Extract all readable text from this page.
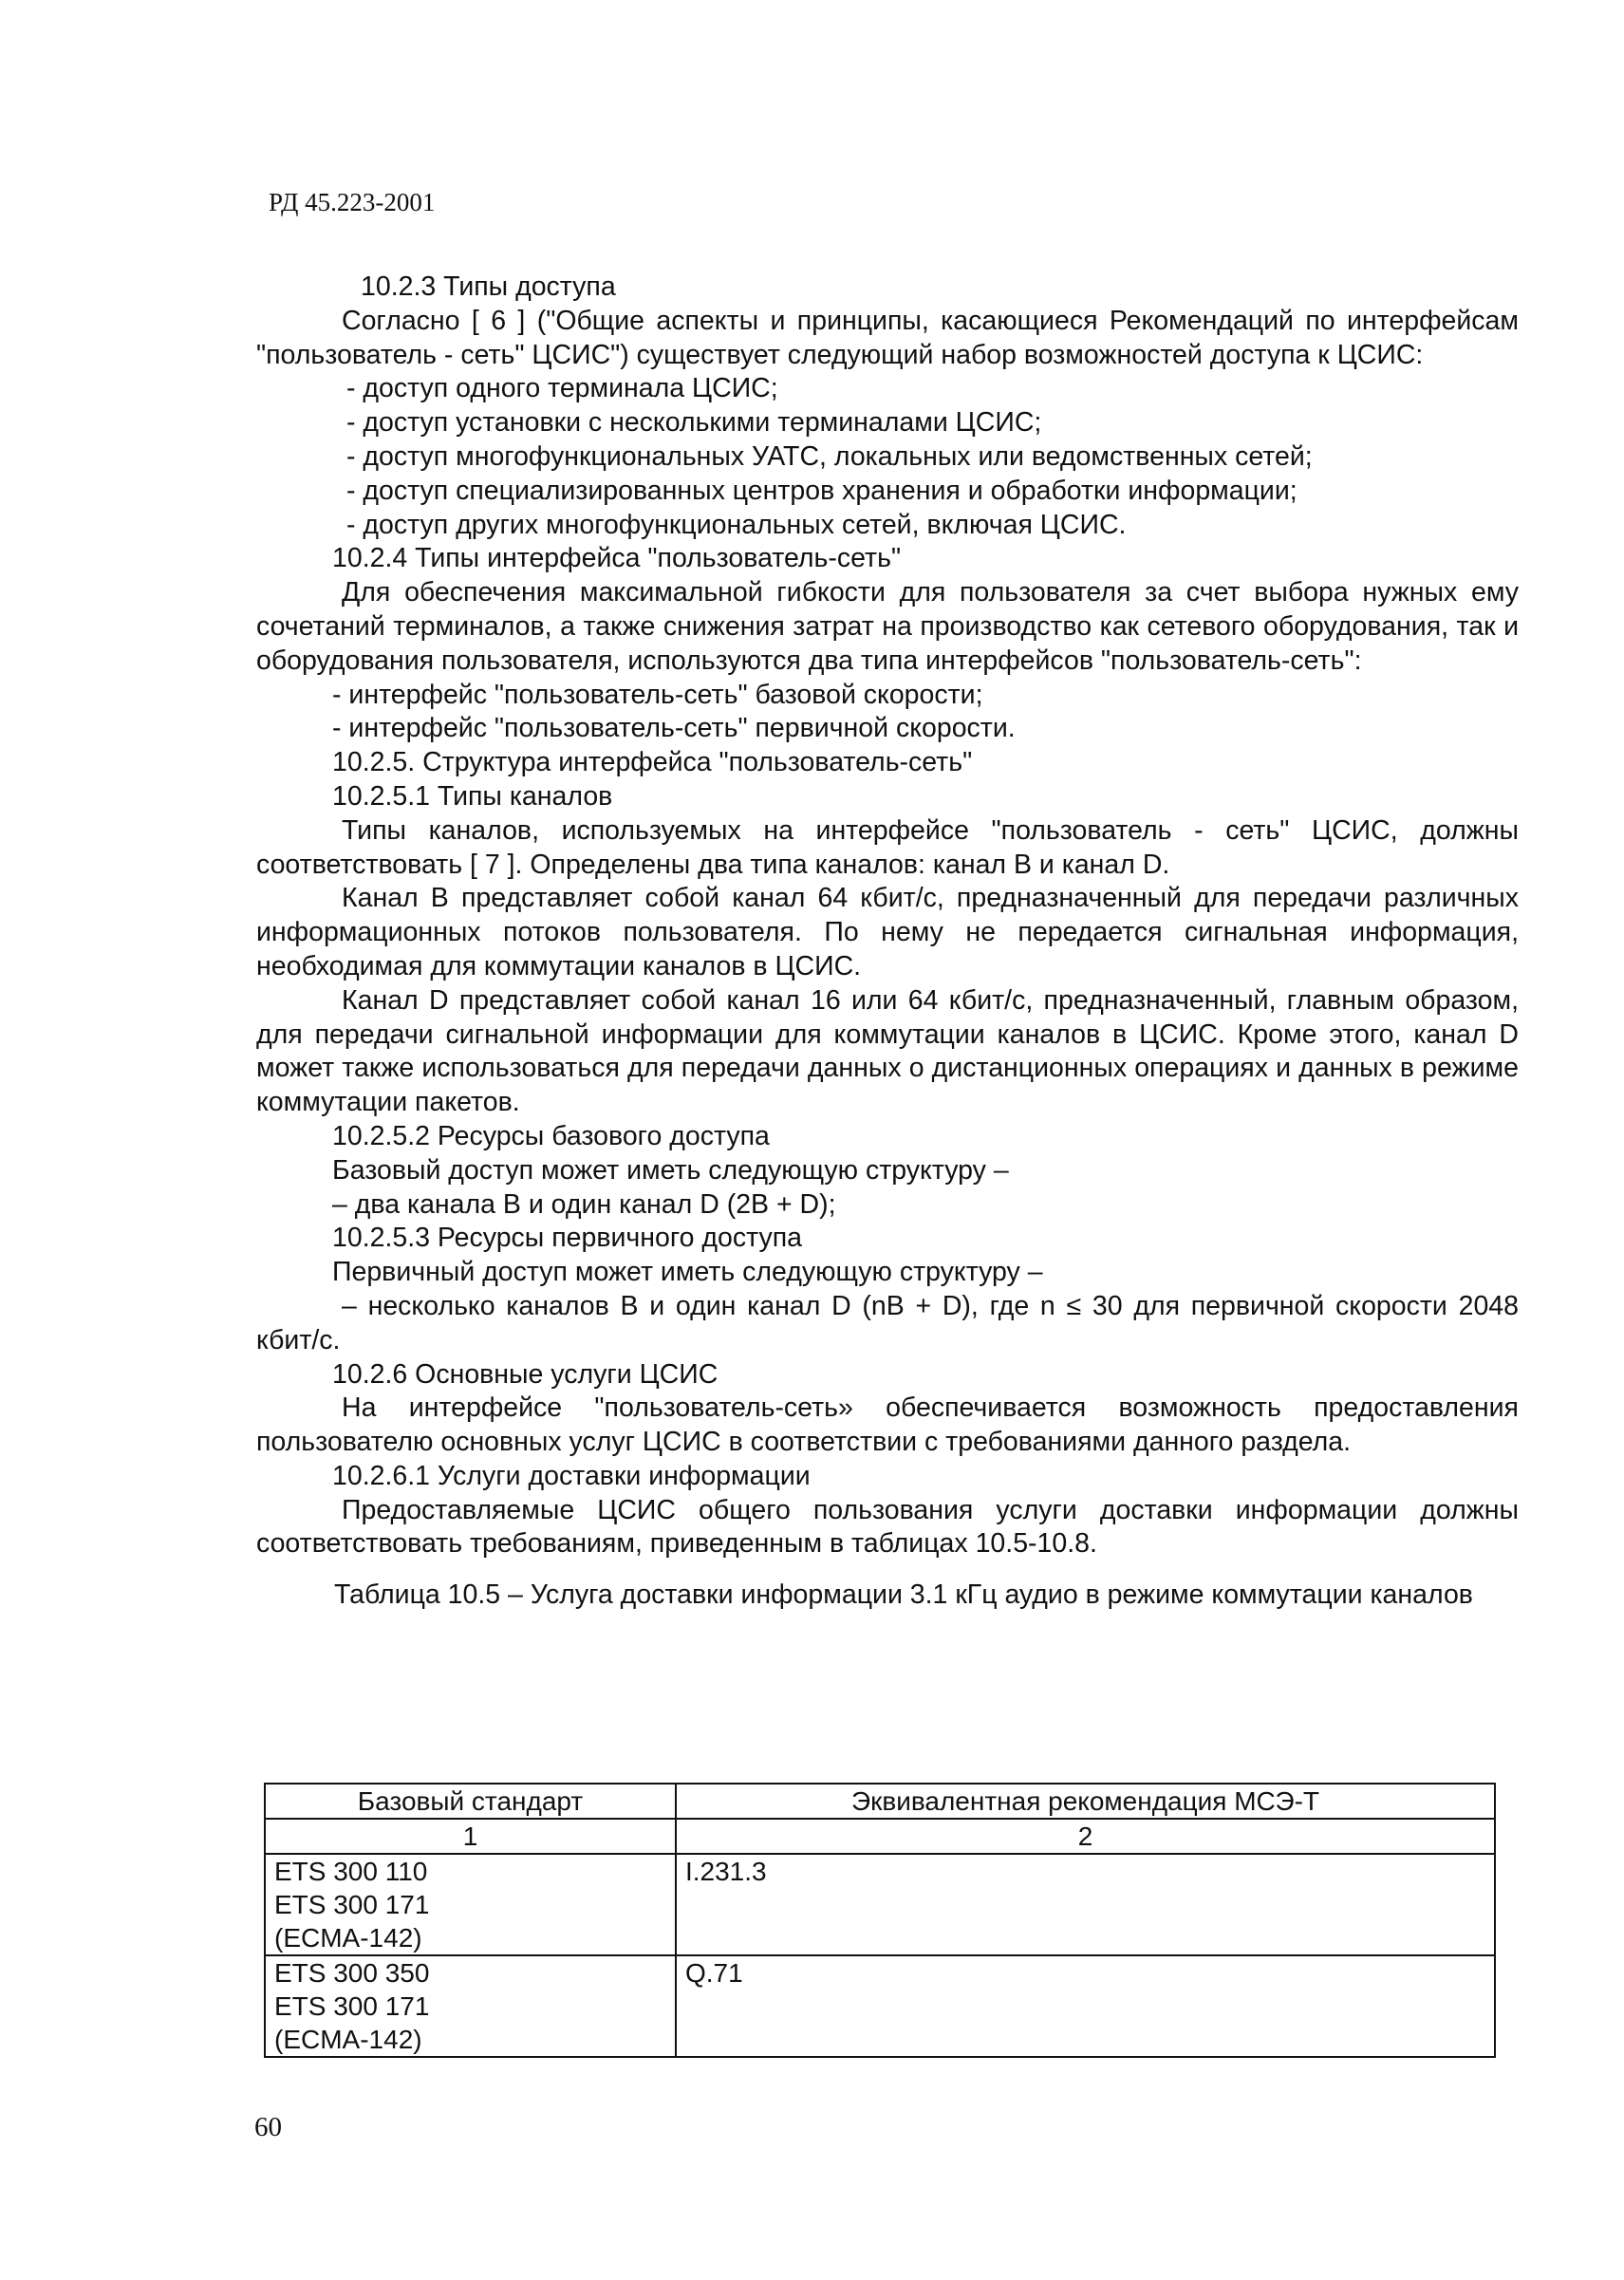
РД 45.223-2001

10.2.3 Типы доступа

Согласно [ 6 ] ("Общие аспекты и принципы, касающиеся Рекомендаций по интерфейсам "пользователь - сеть" ЦСИС") существует следующий набор возможностей доступа к ЦСИС:

- доступ одного терминала ЦСИС;

- доступ установки с несколькими терминалами ЦСИС;

- доступ многофункциональных УАТС, локальных или ведомственных сетей;

- доступ специализированных центров хранения и обработки информации;

- доступ других многофункциональных сетей, включая ЦСИС.

10.2.4 Типы интерфейса "пользователь-сеть"

Для обеспечения максимальной гибкости для пользователя за счет выбора нужных ему сочетаний терминалов, а также снижения затрат на производство как сетевого оборудования, так и оборудования пользователя, используются два типа интерфейсов "пользователь-сеть":

- интерфейс "пользователь-сеть" базовой скорости;

- интерфейс "пользователь-сеть" первичной скорости.

10.2.5. Структура интерфейса "пользователь-сеть"

10.2.5.1 Типы каналов

Типы каналов, используемых на интерфейсе "пользователь - сеть" ЦСИС, должны соответствовать [ 7 ]. Определены два типа каналов: канал В и канал D.

Канал В представляет собой канал 64 кбит/с, предназначенный для передачи различных информационных потоков пользователя. По нему не передается сигнальная информация, необходимая для коммутации каналов в ЦСИС.

Канал D представляет собой канал 16 или 64 кбит/с, предназначенный, главным образом, для передачи сигнальной информации для коммутации каналов в ЦСИС. Кроме этого, канал D может также использоваться для передачи данных о дистанционных операциях и данных в режиме коммутации пакетов.

10.2.5.2 Ресурсы базового доступа

Базовый доступ может иметь следующую структуру –

– два канала В и один канал D (2B + D);

10.2.5.3 Ресурсы первичного доступа

Первичный доступ может иметь следующую структуру –

– несколько каналов В и один канал D (nB + D), где n ≤ 30 для первичной скорости 2048 кбит/с.

10.2.6 Основные услуги ЦСИС

На интерфейсе "пользователь-сеть» обеспечивается возможность предоставления пользователю основных услуг ЦСИС в соответствии с требованиями данного раздела.

10.2.6.1 Услуги доставки информации

Предоставляемые ЦСИС общего пользования услуги доставки информации должны соответствовать требованиям, приведенным в таблицах 10.5-10.8.

Таблица 10.5 – Услуга доставки информации 3.1 кГц аудио в режиме коммутации каналов

Базовый стандарт	Эквивалентная рекомендация МСЭ-Т
1	2

ETS 300 110
ETS 300 171
(ECMA-142)	I.231.3

ETS 300 350
ETS 300 171
(ECMA-142)	Q.71
60
